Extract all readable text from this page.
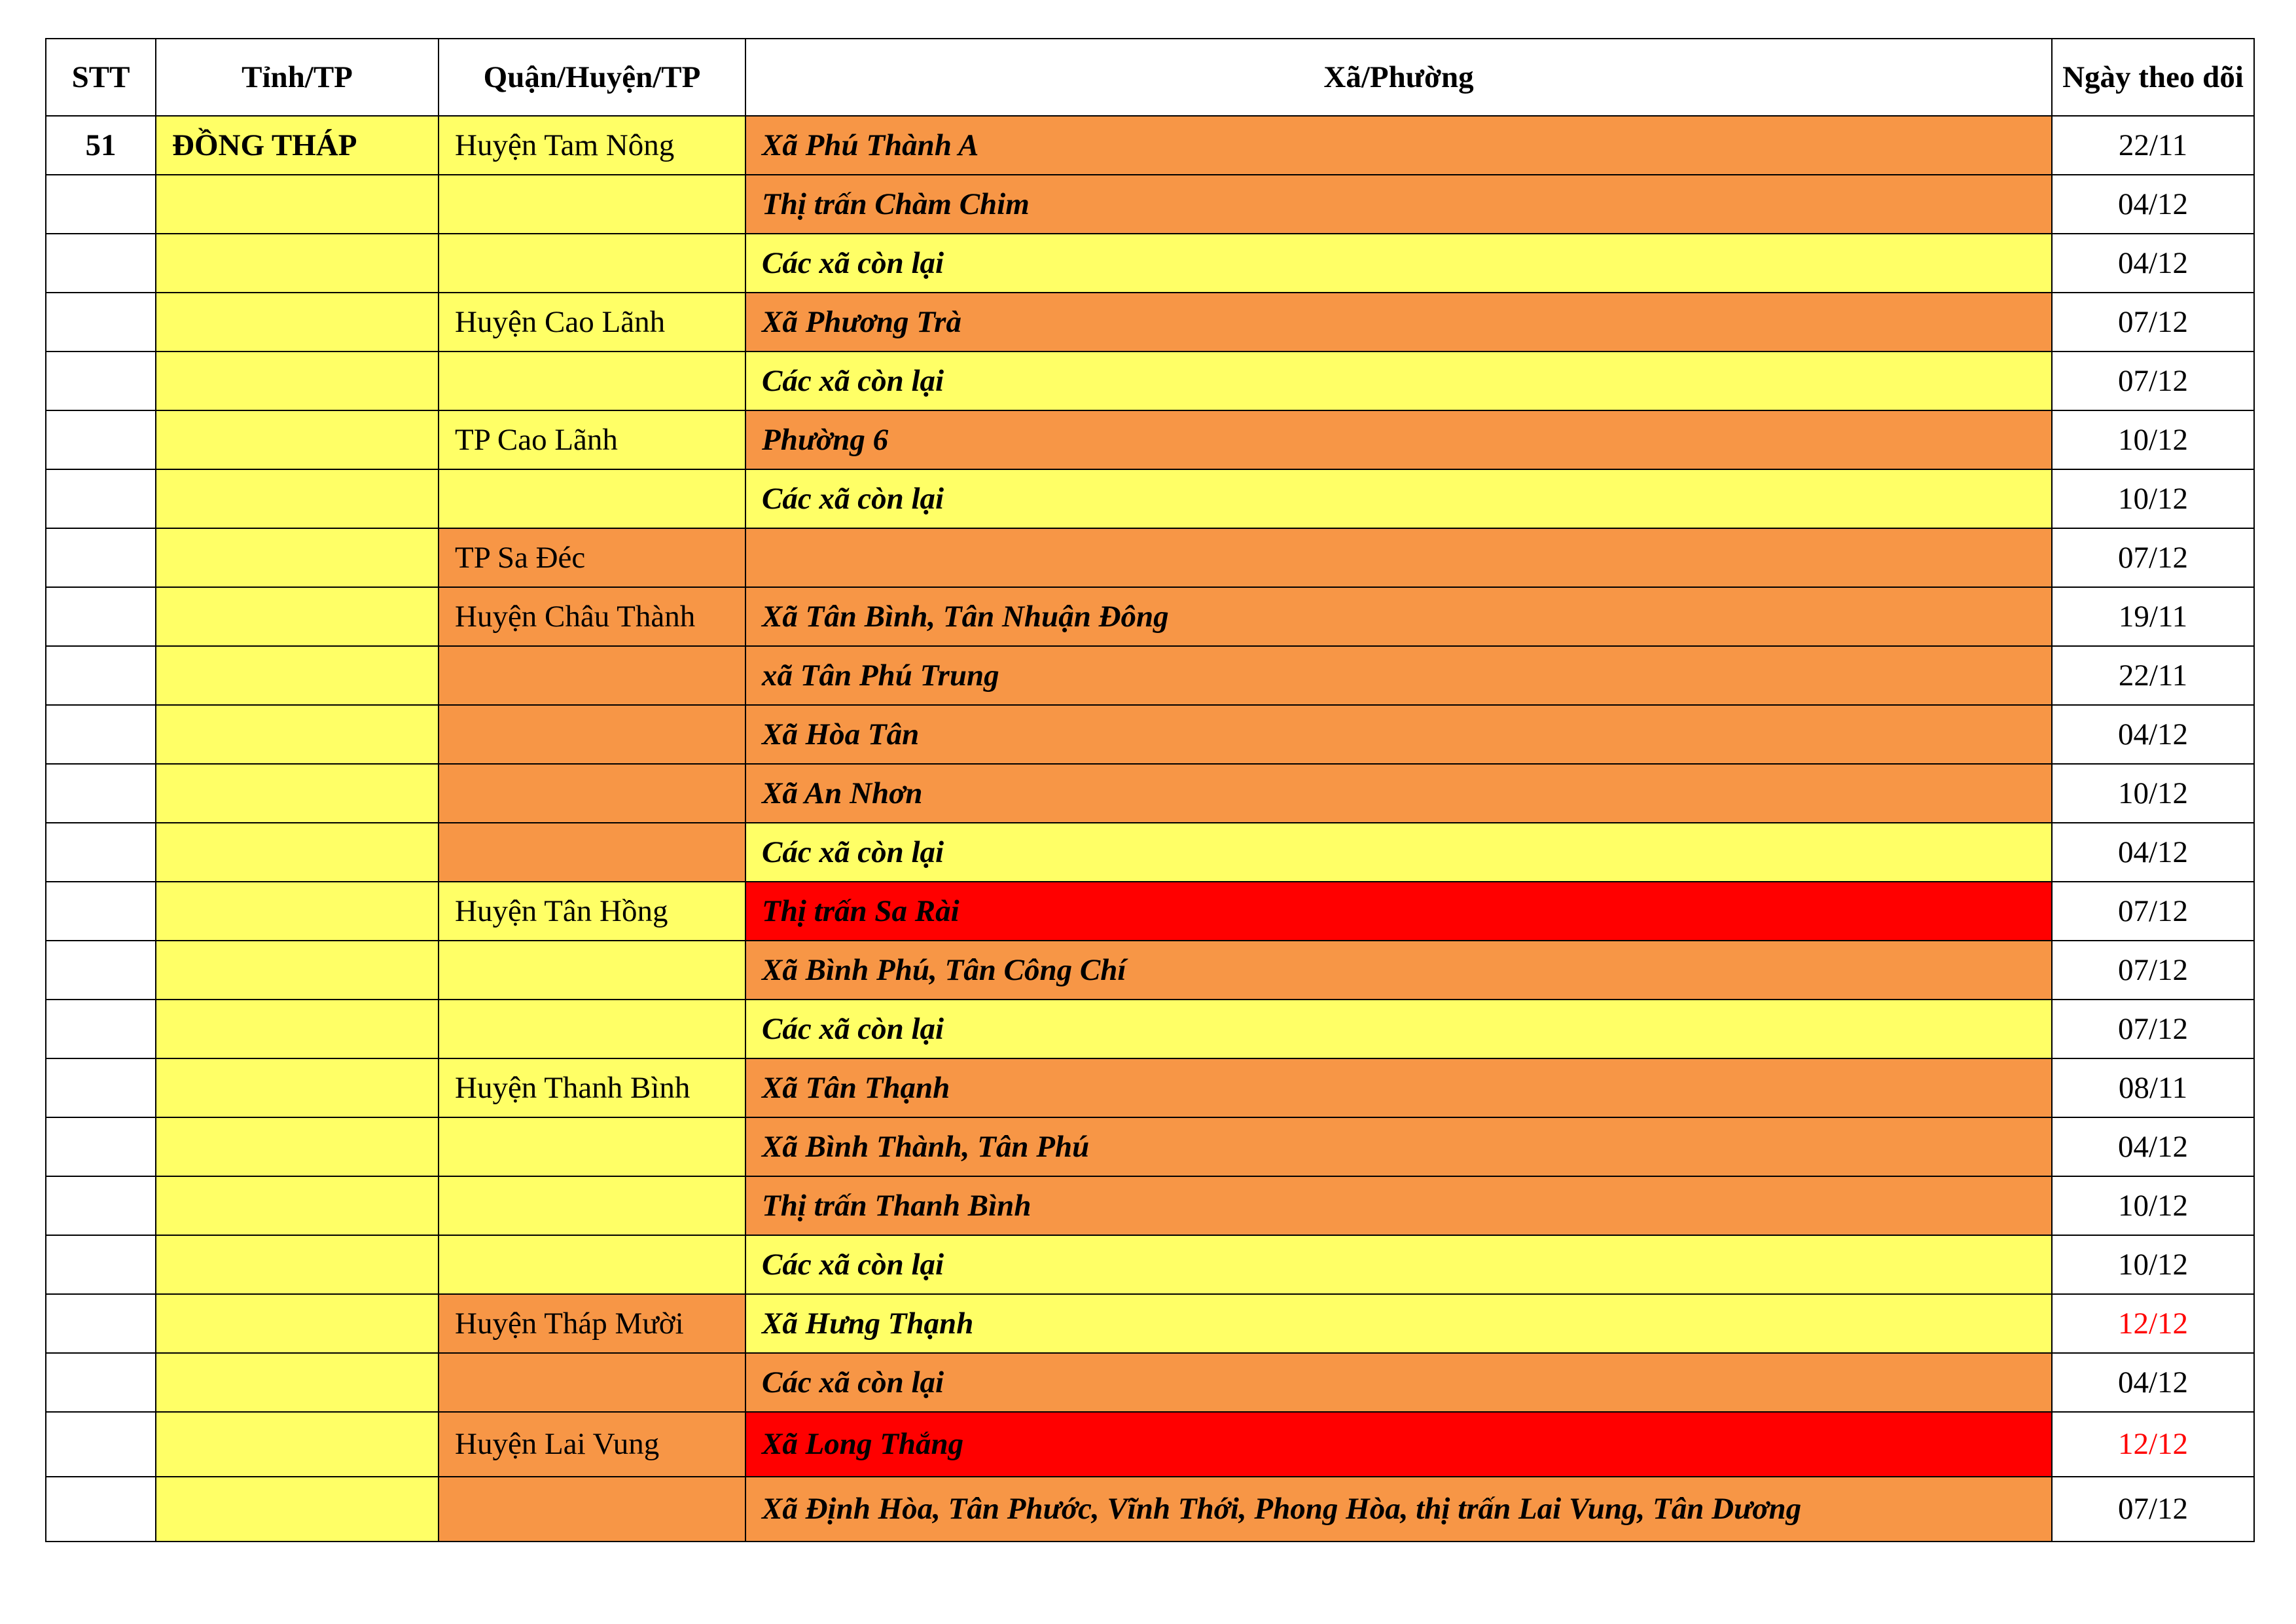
STT	Tỉnh/TP	Quận/Huyện/TP	Xã/Phường	Ngày theo dõi
51	ĐỒNG THÁP	Huyện Tam Nông	Xã Phú Thành A	22/11
			Thị trấn Chàm Chim	04/12
			Các xã còn lại	04/12
		Huyện Cao Lãnh	Xã Phương Trà	07/12
			Các xã còn lại	07/12
		TP Cao Lãnh	Phường 6	10/12
			Các xã còn lại	10/12
		TP Sa Đéc		07/12
		Huyện Châu Thành	Xã Tân Bình, Tân Nhuận Đông	19/11
			xã Tân Phú Trung	22/11
			Xã Hòa Tân	04/12
			Xã An Nhơn	10/12
			Các xã còn lại	04/12
		Huyện Tân Hồng	Thị trấn Sa Rài	07/12
			Xã Bình Phú, Tân Công Chí	07/12
			Các xã còn lại	07/12
		Huyện Thanh Bình	Xã Tân Thạnh	08/11
			Xã Bình Thành, Tân Phú	04/12
			Thị trấn Thanh Bình	10/12
			Các xã còn lại	10/12
		Huyện Tháp Mười	Xã Hưng Thạnh	12/12
			Các xã còn lại	04/12
		Huyện Lai Vung	Xã Long Thắng	12/12
			Xã Định Hòa, Tân Phước, Vĩnh Thới, Phong Hòa, thị trấn Lai Vung, Tân Dương	07/12
